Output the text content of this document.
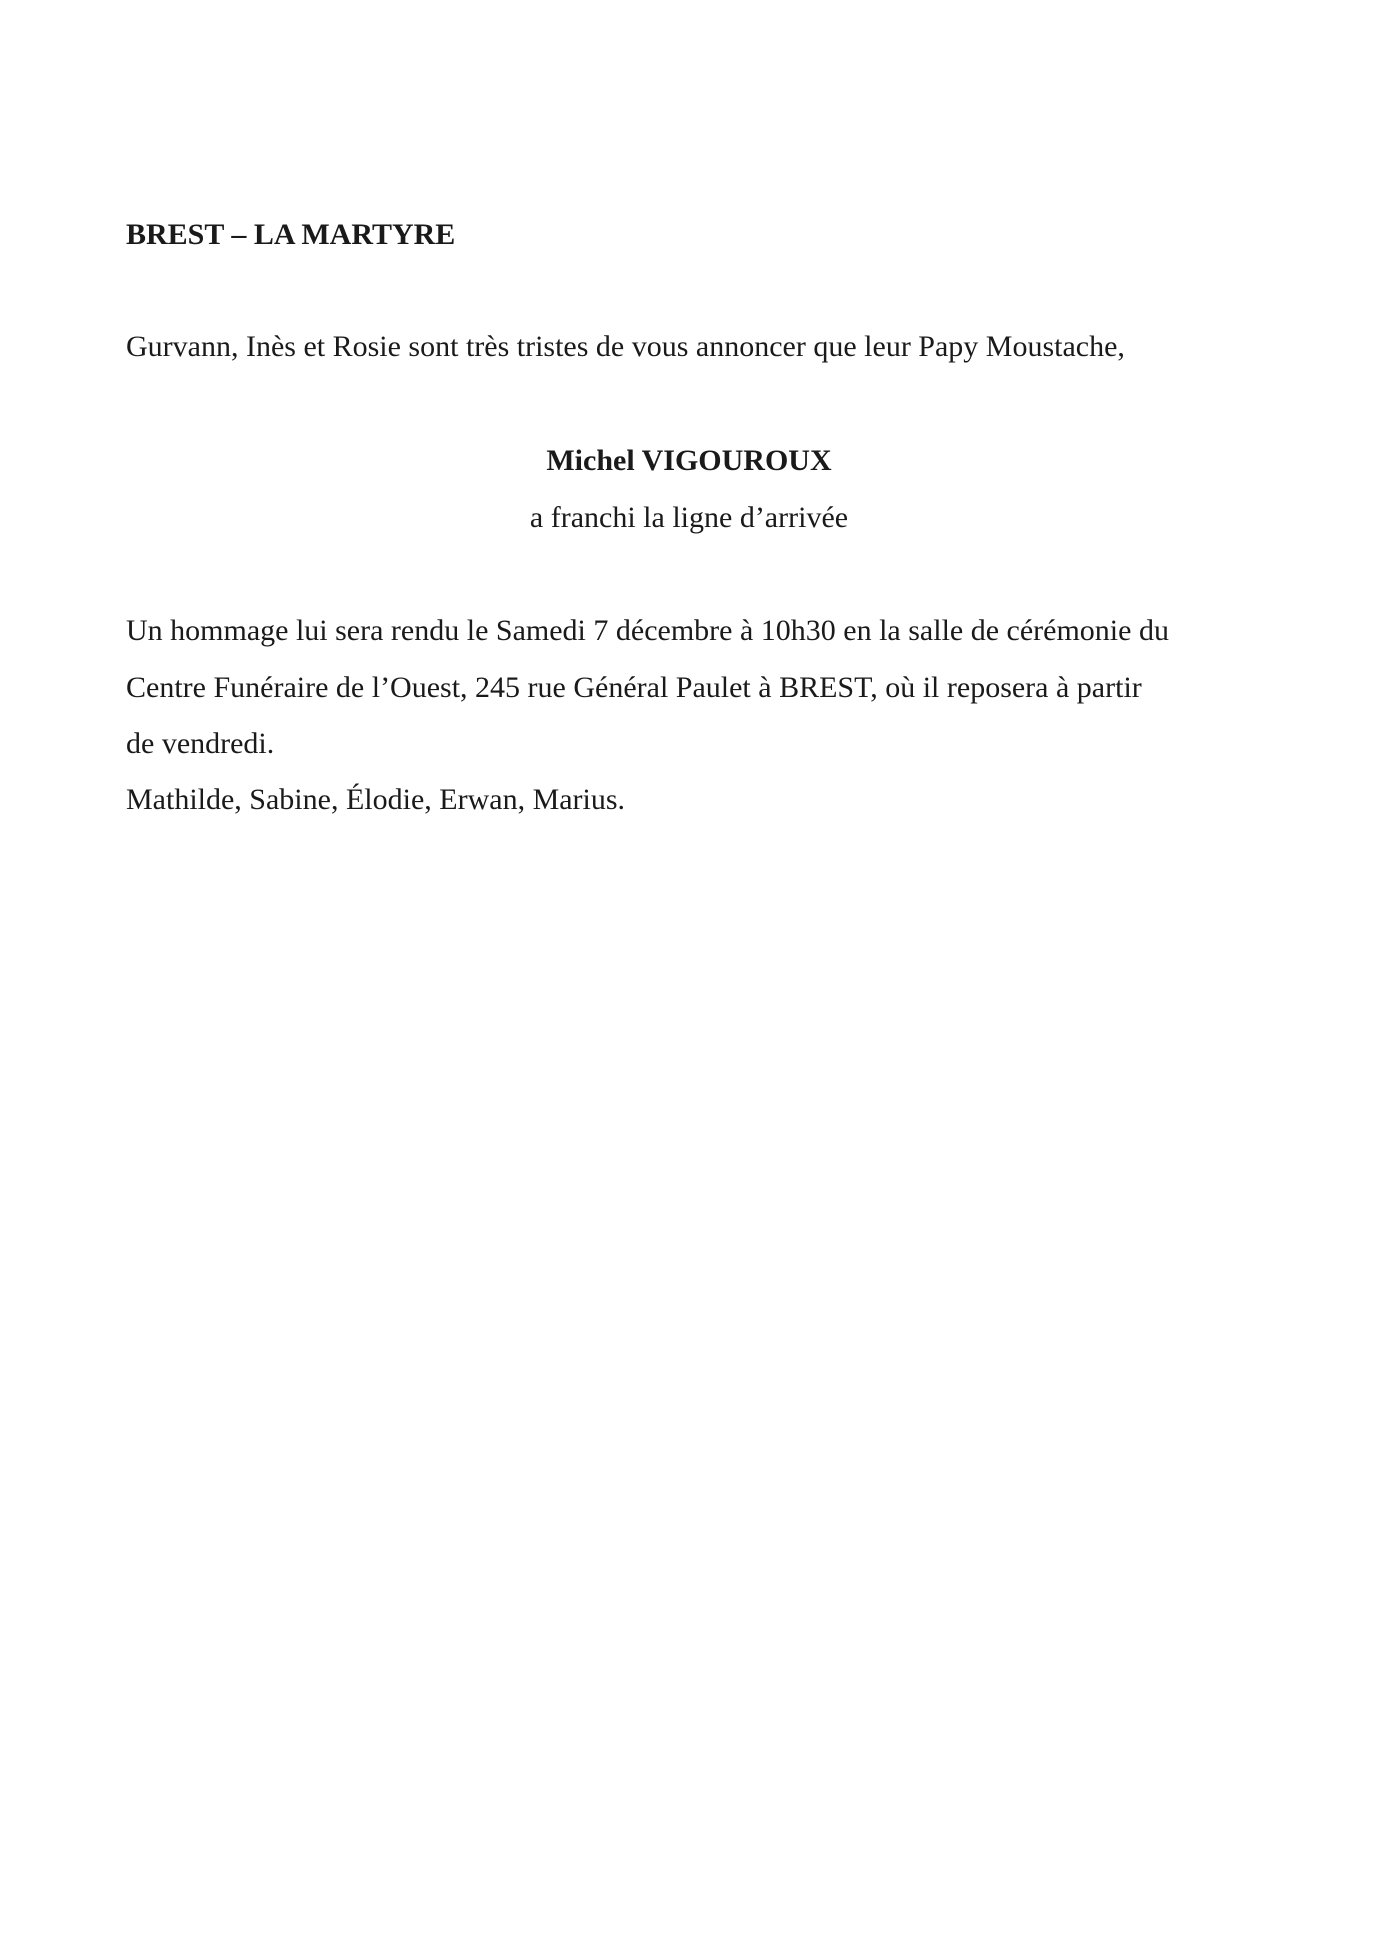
BREST – LA MARTYRE
Gurvann, Inès et Rosie sont très tristes de vous annoncer que leur Papy Moustache,
Michel VIGOUROUX
a franchi la ligne d’arrivée
Un hommage lui sera rendu le Samedi 7 décembre à 10h30 en la salle de cérémonie du
Centre Funéraire de l’Ouest, 245 rue Général Paulet à BREST, où il reposera à partir
de vendredi.
Mathilde, Sabine, Élodie, Erwan, Marius.
